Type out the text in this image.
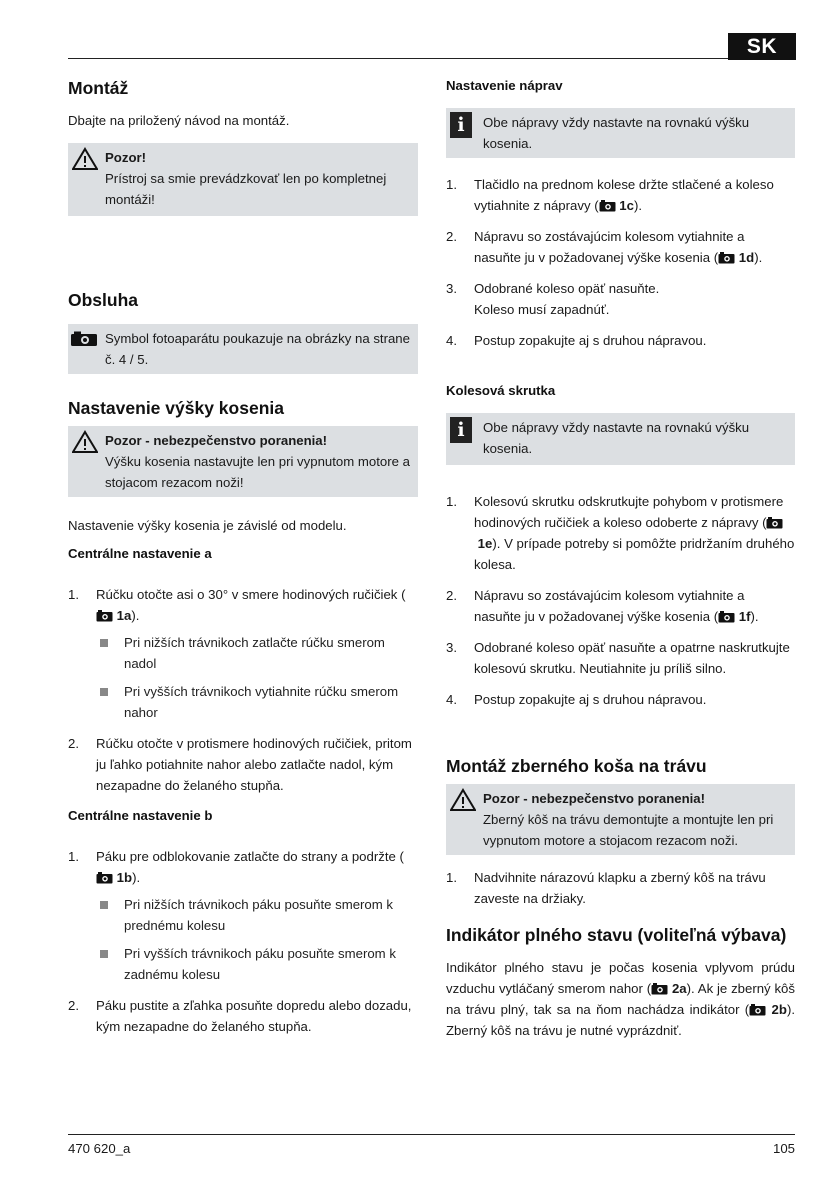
SK
Montáž

Dbajte na priložený návod na montáž.

Pozor!
Prístroj sa smie prevádzkovať len po kompletnej montáži!
Obsluha
Symbol fotoaparátu poukazuje na obrázky na strane č. 4 / 5.
Nastavenie výšky kosenia
Pozor - nebezpečenstvo poranenia!
Výšku kosenia nastavujte len pri vypnutom motore a stojacom rezacom noži!

Nastavenie výšky kosenia je závislé od modelu.

Centrálne nastavenie a
1. Rúčku otočte asi o 30° v smere hodinových ručičiek ( 1a).
Pri nižších trávnikoch zatlačte rúčku smerom nadol
Pri vyšších trávnikoch vytiahnite rúčku smerom nahor
2. Rúčku otočte v protismere hodinových ručičiek, pritom ju ľahko potiahnite nahor alebo zatlačte nadol, kým nezapadne do želaného stupňa.
Centrálne nastavenie b
1. Páku pre odblokovanie zatlačte do strany a podržte ( 1b).
Pri nižších trávnikoch páku posuňte smerom k prednému kolesu
Pri vyšších trávnikoch páku posuňte smerom k zadnému kolesu
2. Páku pustite a zľahka posuňte dopredu alebo dozadu, kým nezapadne do želaného stupňa.
Nastavenie náprav
i	Obe nápravy vždy nastavte na rovnakú výšku kosenia.
1. Tlačidlo na prednom kolese držte stlačené a koleso vytiahnite z nápravy ( 1c).
2. Nápravu so zostávajúcim kolesom vytiahnite a nasuňte ju v požadovanej výške kosenia ( 1d).
3. Odobrané koleso opäť nasuňte.
Koleso musí zapadnúť.
4. Postup zopakujte aj s druhou nápravou.
Kolesová skrutka
i	Obe nápravy vždy nastavte na rovnakú výšku kosenia.
1. Kolesovú skrutku odskrutkujte pohybom v protismere hodinových ručičiek a koleso odoberte z nápravy ( 1e). V prípade potreby si pomôžte pridržaním druhého kolesa.
2. Nápravu so zostávajúcim kolesom vytiahnite a nasuňte ju v požadovanej výške kosenia ( 1f).
3. Odobrané koleso opäť nasuňte a opatrne naskrutkujte kolesovú skrutku. Neutiahnite ju príliš silno.
4. Postup zopakujte aj s druhou nápravou.
Montáž zberného koša na trávu
Pozor - nebezpečenstvo poranenia!
Zberný kôš na trávu demontujte a montujte len pri vypnutom motore a stojacom rezacom noži.
1. Nadvihnite nárazovú klapku a zberný kôš na trávu zaveste na držiaky.
Indikátor plného stavu (voliteľná výbava)

Indikátor plného stavu je počas kosenia vplyvom prúdu vzduchu vytláčaný smerom nahor ( 2a). Ak je zberný kôš na trávu plný, tak sa na ňom nachádza indikátor ( 2b). Zberný kôš na trávu je nutné vyprázdniť.

470 620_a	105
